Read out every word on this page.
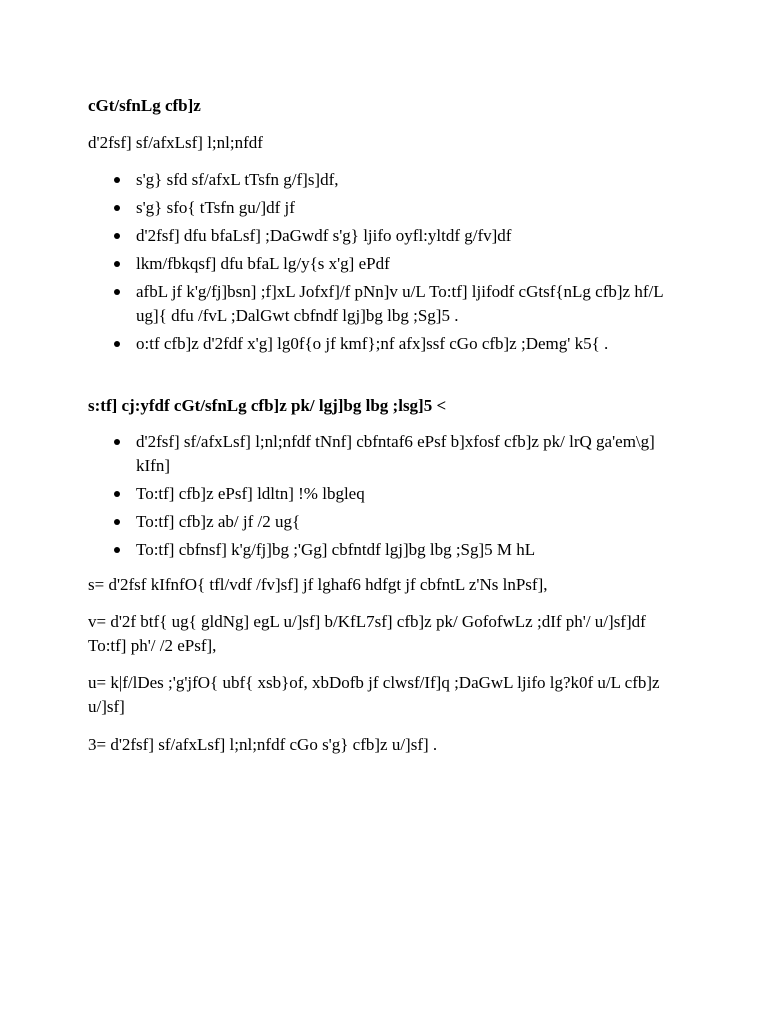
cGt/sfnLg cfb]z
d'2fsf] sf/afxLsf] l;nl;nfdf
s'g} sfd sf/afxL tTsfn g/f]s]df,
s'g} sfo{ tTsfn gu/]df jf
d'2fsf] dfu bfaLsf] ;DaGwdf s'g} ljifo oyfl:yltdf g/fv]df
lkm/fbkqsf] dfu bfaL lg/y{s x'g] ePdf
afbL jf k'g/fj]bsn] ;f]xL Jofxf]/f pNn]v u/L To:tf] ljifodf cGtsf{nLg cfb]z hf/L ug]{ dfu /fvL ;DalGwt cbfndf lgj]bg lbg ;Sg]5 .
o:tf cfb]z d'2fdf x'g] lg0f{o jf kmf};nf afx]ssf cGo cfb]z ;Demg' k5{ .
s:tf] cj:yfdf cGt/sfnLg cfb]z pk/ lgj]bg lbg ;lsg]5 <
d'2fsf] sf/afxLsf] l;nl;nfdf tNnf] cbfntaf6 ePsf b]xfosf cfb]z pk/ lrQ ga'em\g] kIfn]
To:tf] cfb]z ePsf] ldltn] !% lbgleq
To:tf] cfb]z ab/ jf /2 ug{
To:tf] cbfnsf] k'g/fj]bg ;'Gg] cbfntdf lgj]bg lbg ;Sg]5 M hL
s= d'2fsf kIfnfO{ tfl/vdf /fv]sf] jf lghaf6 hdfgt jf cbfntL z'Ns lnPsf],
v= d'2f btf{ ug{ gldNg] egL u/]sf] b/KfL7sf] cfb]z pk/ GofofwLz ;dIf ph'/ u/]sf]df To:tf] ph'/ /2 ePsf],
u= k|f/lDes ;'g'jfO{ ubf{ xsb}of, xbDofb jf clwsf/If]q ;DaGwL ljifo lg?k0f u/L cfb]z u/]sf]
3= d'2fsf] sf/afxLsf] l;nl;nfdf cGo s'g} cfb]z u/]sf] .
